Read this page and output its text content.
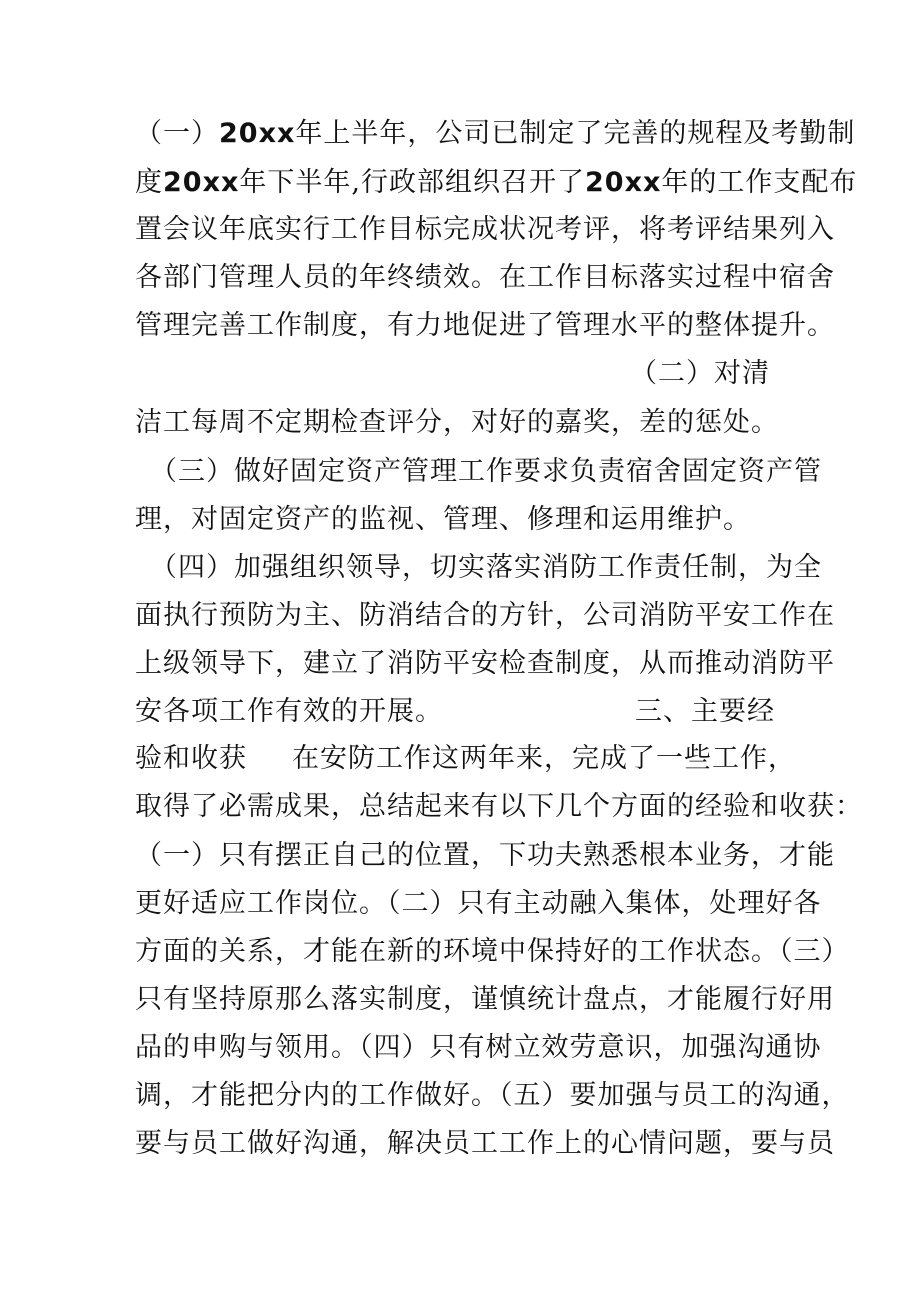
（一）20xx年上半年，公司已制定了完善的规程及考勤制
度20xx年下半年,行政部组织召开了20xx年的工作支配布
置会议年底实行工作目标完成状况考评，将考评结果列入
各部门管理人员的年终绩效。在工作目标落实过程中宿舍
管理完善工作制度，有力地促进了管理水平的整体提升。
（二）对清
洁工每周不定期检查评分，对好的嘉奖，差的惩处。
（三）做好固定资产管理工作要求负责宿舍固定资产管
理，对固定资产的监视、管理、修理和运用维护。
（四）加强组织领导，切实落实消防工作责任制，为全
面执行预防为主、防消结合的方针，公司消防平安工作在
上级领导下，建立了消防平安检查制度，从而推动消防平
安各项工作有效的开展。	三、主要经
验和收获 在安防工作这两年来，完成了一些工作，
取得了必需成果，总结起来有以下几个方面的经验和收获：
（一）只有摆正自己的位置，下功夫熟悉根本业务，才能
更好适应工作岗位。（二）只有主动融入集体，处理好各
方面的关系，才能在新的环境中保持好的工作状态。（三）
只有坚持原那么落实制度，谨慎统计盘点，才能履行好用
品的申购与领用。（四）只有树立效劳意识，加强沟通协
调，才能把分内的工作做好。（五）要加强与员工的沟通，
要与员工做好沟通，解决员工工作上的心情问题，要与员
